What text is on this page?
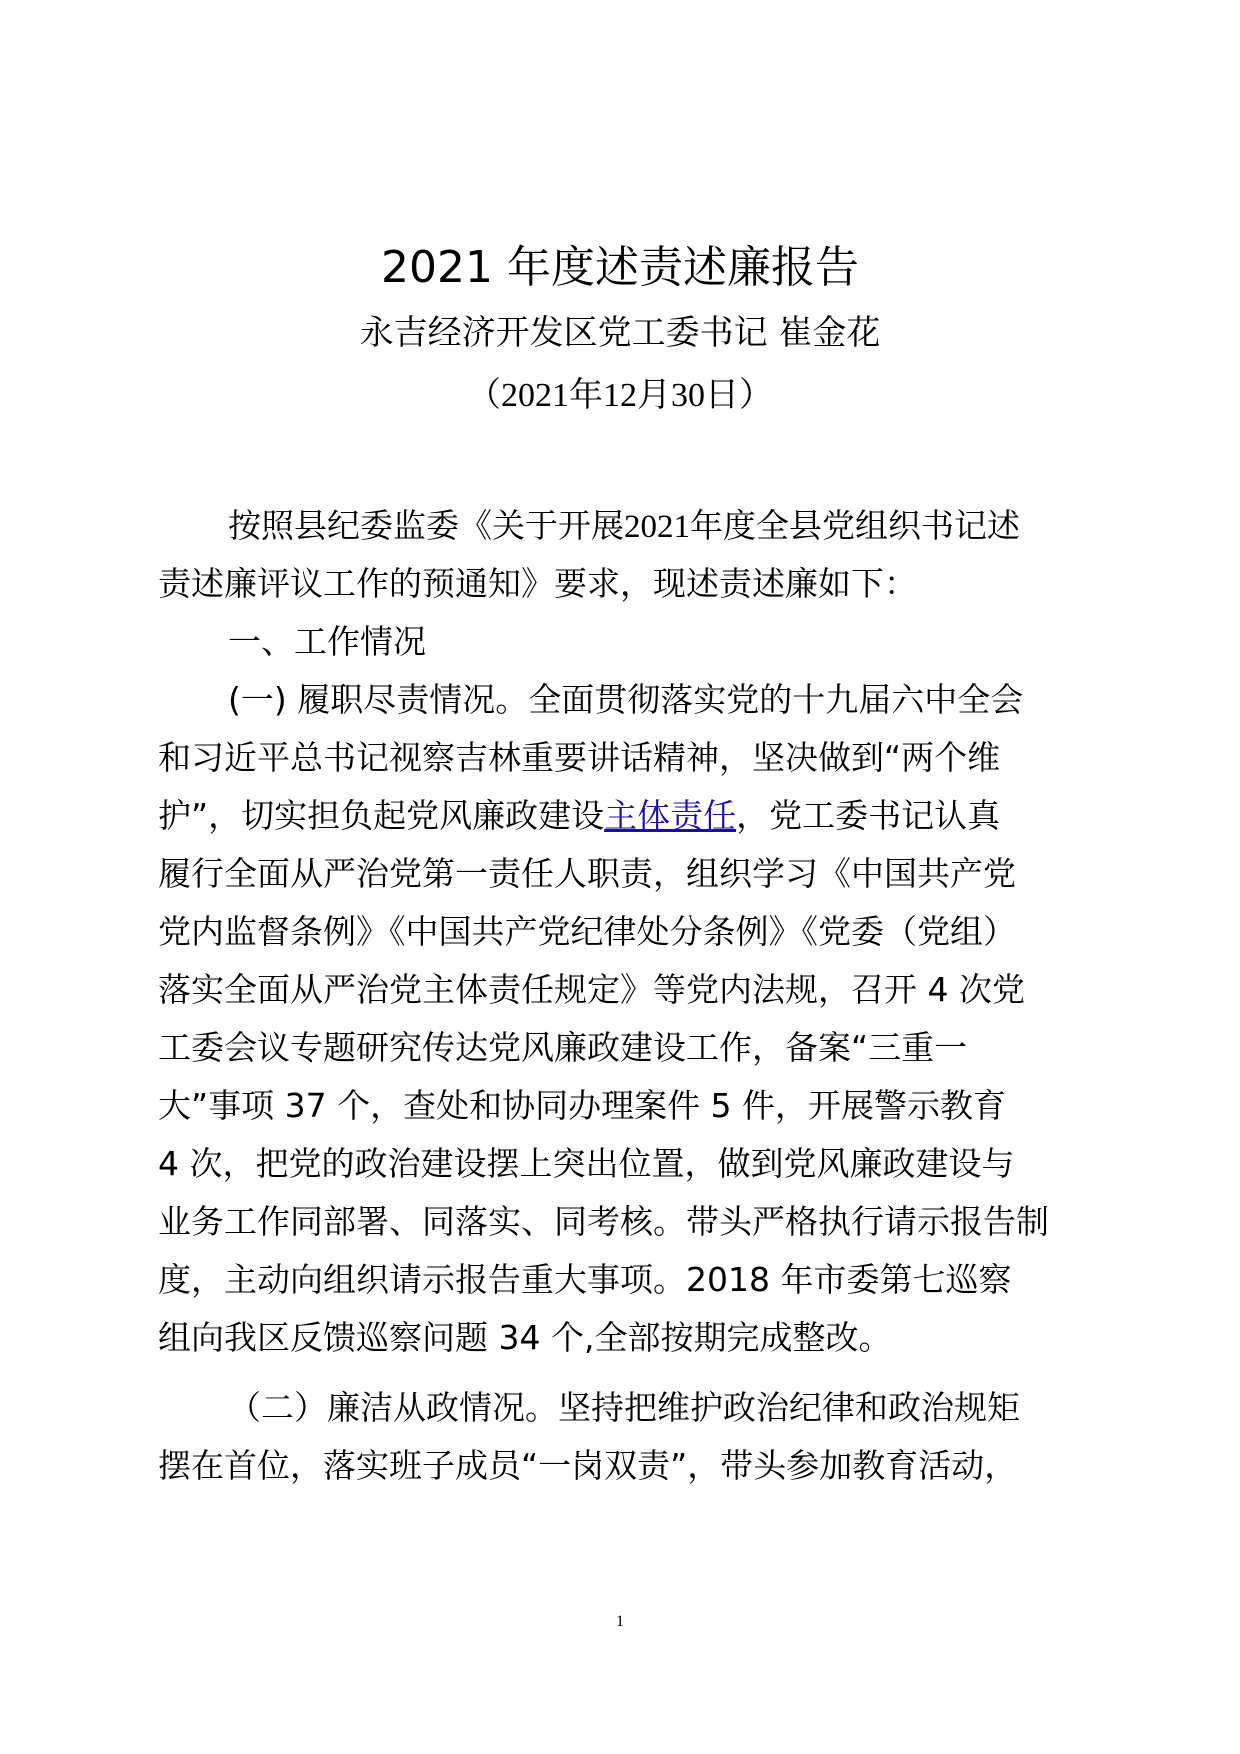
2021 年度述责述廉报告
永吉经济开发区党工委书记 崔金花
（2021年12月30日）
按照县纪委监委《关于开展2021年度全县党组织书记述
责述廉评议工作的预通知》要求，现述责述廉如下：
一、工作情况
(一) 履职尽责情况。全面贯彻落实党的十九届六中全会
和习近平总书记视察吉林重要讲话精神，坚决做到“两个维
护”，切实担负起党风廉政建设主体责任，党工委书记认真
履行全面从严治党第一责任人职责，组织学习《中国共产党
党内监督条例》《中国共产党纪律处分条例》《党委（党组）
落实全面从严治党主体责任规定》等党内法规，召开 4 次党
工委会议专题研究传达党风廉政建设工作，备案“三重一
大”事项 37 个，查处和协同办理案件 5 件，开展警示教育
4 次，把党的政治建设摆上突出位置，做到党风廉政建设与
业务工作同部署、同落实、同考核。带头严格执行请示报告制
度，主动向组织请示报告重大事项。2018 年市委第七巡察
组向我区反馈巡察问题 34 个,全部按期完成整改。
（二）廉洁从政情况。坚持把维护政治纪律和政治规矩
摆在首位，落实班子成员“一岗双责”，带头参加教育活动，
1
